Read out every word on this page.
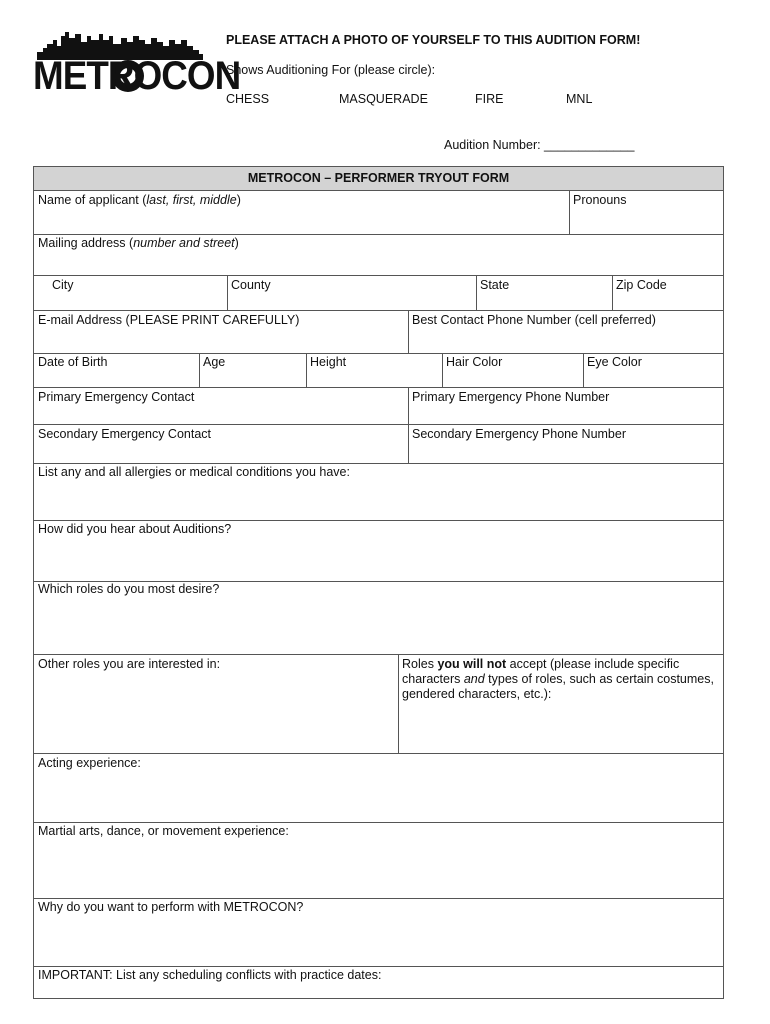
METROCON
PLEASE ATTACH A PHOTO OF YOURSELF TO THIS AUDITION FORM!
Shows Auditioning For (please circle):
CHESS	MASQUERADE	FIRE	MNL
Audition Number: _____________
METROCON – PERFORMER TRYOUT FORM
Name of applicant (last, first, middle)	Pronouns
Mailing address (number and street)
City	County	State	Zip Code
E-mail Address (PLEASE PRINT CAREFULLY)	Best Contact Phone Number (cell preferred)
Date of Birth	Age	Height	Hair Color	Eye Color
Primary Emergency Contact	Primary Emergency Phone Number
Secondary Emergency Contact	Secondary Emergency Phone Number
List any and all allergies or medical conditions you have:
How did you hear about Auditions?
Which roles do you most desire?
Other roles you are interested in:	Roles you will not accept (please include specific characters and types of roles, such as certain costumes, gendered characters, etc.):
Acting experience:
Martial arts, dance, or movement experience:
Why do you want to perform with METROCON?
IMPORTANT: List any scheduling conflicts with practice dates:
